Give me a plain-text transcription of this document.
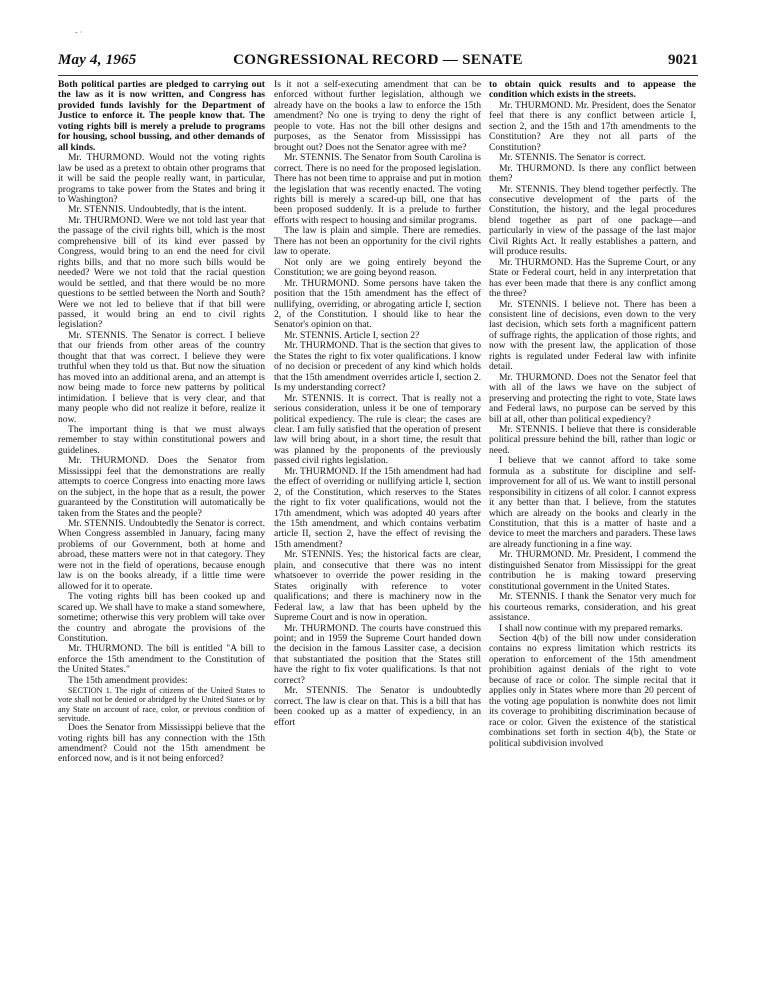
- ·
May 4, 1965	CONGRESSIONAL RECORD — SENATE	9021

Both political parties are pledged to carrying out the law as it is now written, and Congress has provided funds lavishly for the Department of Justice to enforce it. The people know that. The voting rights bill is merely a prelude to programs for housing, school bussing, and other demands of all kinds.

Mr. THURMOND. Would not the voting rights law be used as a pretext to obtain other programs that it will be said the people really want, in particular, programs to take power from the States and bring it to Washington?

Mr. STENNIS. Undoubtedly, that is the intent.

Mr. THURMOND. Were we not told last year that the passage of the civil rights bill, which is the most comprehensive bill of its kind ever passed by Congress, would bring to an end the need for civil rights bills, and that no more such bills would be needed? Were we not told that the racial question would be settled, and that there would be no more questions to be settled between the North and South? Were we not led to believe that if that bill were passed, it would bring an end to civil rights legislation?

Mr. STENNIS. The Senator is correct. I believe that our friends from other areas of the country thought that that was correct. I believe they were truthful when they told us that. But now the situation has moved into an additional arena, and an attempt is now being made to force new patterns by political intimidation. I believe that is very clear, and that many people who did not realize it before, realize it now.

The important thing is that we must always remember to stay within constitutional powers and guidelines.

Mr. THURMOND. Does the Senator from Mississippi feel that the demonstrations are really attempts to coerce Congress into enacting more laws on the subject, in the hope that as a result, the power guaranteed by the Constitution will automatically be taken from the States and the people?

Mr. STENNIS. Undoubtedly the Senator is correct. When Congress assembled in January, facing many problems of our Government, both at home and abroad, these matters were not in that category. They were not in the field of operations, because enough law is on the books already, if a little time were allowed for it to operate.

The voting rights bill has been cooked up and scared up. We shall have to make a stand somewhere, sometime; otherwise this very problem will take over the country and abrogate the provisions of the Constitution.

Mr. THURMOND. The bill is entitled "A bill to enforce the 15th amendment to the Constitution of the United States."

The 15th amendment provides:

SECTION 1. The right of citizens of the United States to vote shall not be denied or abridged by the United States or by any State on account of race, color, or previous condition of servitude.

Does the Senator from Mississippi believe that the voting rights bill has any connection with the 15th amendment? Could not the 15th amendment be enforced now, and is it not being enforced?

Is it not a self-executing amendment that can be enforced without further legislation, although we already have on the books a law to enforce the 15th amendment? No one is trying to deny the right of people to vote. Has not the bill other designs and purposes, as the Senator from Mississippi has brought out? Does not the Senator agree with me?

Mr. STENNIS. The Senator from South Carolina is correct. There is no need for the proposed legislation. There has not been time to appraise and put in motion the legislation that was recently enacted. The voting rights bill is merely a scared-up bill, one that has been proposed suddenly. It is a prelude to further efforts with respect to housing and similar programs.

The law is plain and simple. There are remedies. There has not been an opportunity for the civil rights law to operate.

Not only are we going entirely beyond the Constitution; we are going beyond reason.

Mr. THURMOND. Some persons have taken the position that the 15th amendment has the effect of nullifying, overriding, or abrogating article I, section 2, of the Constitution. I should like to hear the Senator's opinion on that.

Mr. STENNIS. Article I, section 2?

Mr. THURMOND. That is the section that gives to the States the right to fix voter qualifications. I know of no decision or precedent of any kind which holds that the 15th amendment overrides article I, section 2. Is my understanding correct?

Mr. STENNIS. It is correct. That is really not a serious consideration, unless it be one of temporary political expediency. The rule is clear; the cases are clear. I am fully satisfied that the operation of present law will bring about, in a short time, the result that was planned by the proponents of the previously passed civil rights legislation.

Mr. THURMOND. If the 15th amendment had had the effect of overriding or nullifying article I, section 2, of the Constitution, which reserves to the States the right to fix voter qualifications, would not the 17th amendment, which was adopted 40 years after the 15th amendment, and which contains verbatim article II, section 2, have the effect of revising the 15th amendment?

Mr. STENNIS. Yes; the historical facts are clear, plain, and consecutive that there was no intent whatsoever to override the power residing in the States originally with reference to voter qualifications; and there is machinery now in the Federal law, a law that has been upheld by the Supreme Court and is now in operation.

Mr. THURMOND. The courts have construed this point; and in 1959 the Supreme Court handed down the decision in the famous Lassiter case, a decision that substantiated the position that the States still have the right to fix voter qualifications. Is that not correct?

Mr. STENNIS. The Senator is undoubtedly correct. The law is clear on that. This is a bill that has been cooked up as a matter of expediency, in an effort

to obtain quick results and to appease the condition which exists in the streets.

Mr. THURMOND. Mr. President, does the Senator feel that there is any conflict between article I, section 2, and the 15th and 17th amendments to the Constitution? Are they not all parts of the Constitution?

Mr. STENNIS. The Senator is correct.

Mr. THURMOND. Is there any conflict between them?

Mr. STENNIS. They blend together perfectly. The consecutive development of the parts of the Constitution, the history, and the legal procedures blend together as part of one package—and particularly in view of the passage of the last major Civil Rights Act. It really establishes a pattern, and will produce results.

Mr. THURMOND. Has the Supreme Court, or any State or Federal court, held in any interpretation that has ever been made that there is any conflict among the three?

Mr. STENNIS. I believe not. There has been a consistent line of decisions, even down to the very last decision, which sets forth a magnificent pattern of suffrage rights, the application of those rights, and now with the present law, the application of those rights is regulated under Federal law with infinite detail.

Mr. THURMOND. Does not the Senator feel that with all of the laws we have on the subject of preserving and protecting the right to vote, State laws and Federal laws, no purpose can be served by this bill at all, other than political expediency?

Mr. STENNIS. I believe that there is considerable political pressure behind the bill, rather than logic or need.

I believe that we cannot afford to take some formula as a substitute for discipline and self-improvement for all of us. We want to instill personal responsibility in citizens of all color. I cannot express it any better than that. I believe, from the statutes which are already on the books and clearly in the Constitution, that this is a matter of haste and a device to meet the marchers and paraders. These laws are already functioning in a fine way.

Mr. THURMOND. Mr. President, I commend the distinguished Senator from Mississippi for the great contribution he is making toward preserving constitutional government in the United States.

Mr. STENNIS. I thank the Senator very much for his courteous remarks, consideration, and his great assistance.

I shall now continue with my prepared remarks.

Section 4(b) of the bill now under consideration contains no express limitation which restricts its operation to enforcement of the 15th amendment prohibition against denials of the right to vote because of race or color. The simple recital that it applies only in States where more than 20 percent of the voting age population is nonwhite does not limit its coverage to prohibiting discrimination because of race or color. Given the existence of the statistical combinations set forth in section 4(b), the State or political subdivision involved
